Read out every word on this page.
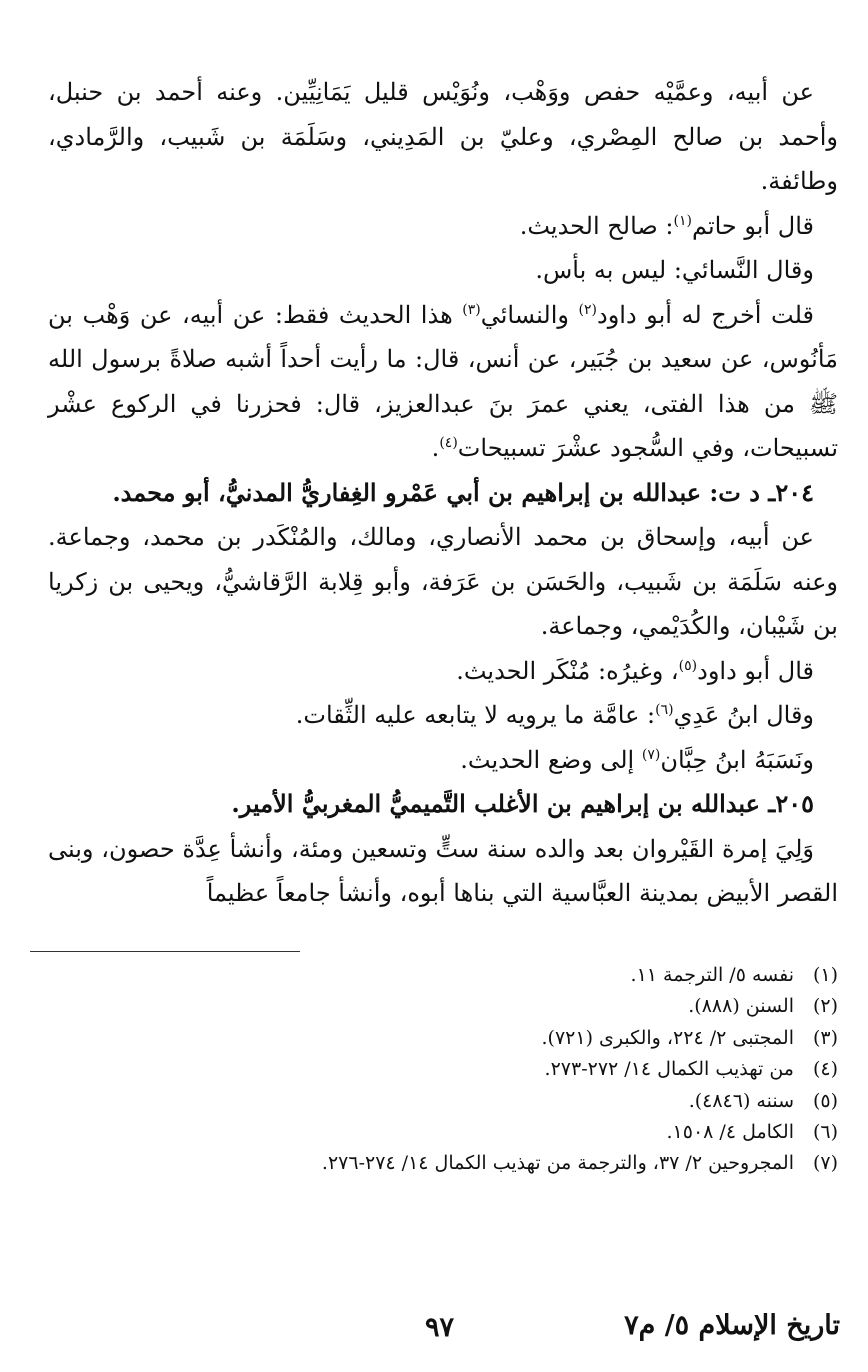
عن أبيه، وعمَّيْه حفص ووَهْب، ونُوَيْس قليل يَمَانِيِّين. وعنه أحمد بن حنبل، وأحمد بن صالح المِصْري، وعليّ بن المَدِيني، وسَلَمَة بن شَبيب، والرَّمادي، وطائفة.

قال أبو حاتم$^{(١)}$: صالح الحديث.

وقال النَّسائي: ليس به بأس.

قلت أخرج له أبو داود$^{(٢)}$ والنسائي$^{(٣)}$ هذا الحديث فقط: عن أبيه، عن وَهْب بن مَأنُوس، عن سعيد بن جُبَير، عن أنس، قال: ما رأيت أحداً أشبه صلاةً برسول الله ﷺ من هذا الفتى، يعني عمرَ بنَ عبدالعزيز، قال: فحزرنا في الركوع عشْر تسبيحات، وفي السُّجود عشْرَ تسبيحات$^{(٤)}$.

٢٠٤ـ د ت: عبدالله بن إبراهيم بن أبي عَمْرو الغِفاريُّ المدنيُّ، أبو محمد.

عن أبيه، وإسحاق بن محمد الأنصاري، ومالك، والمُنْكَدر بن محمد، وجماعة. وعنه سَلَمَة بن شَبيب، والحَسَن بن عَرَفة، وأبو قِلابة الرَّقاشيُّ، ويحيى بن زكريا بن شَيْبان، والكُدَيْمي، وجماعة.

قال أبو داود$^{(٥)}$، وغيرُه: مُنْكَر الحديث.

وقال ابنُ عَدِي$^{(٦)}$: عامَّة ما يرويه لا يتابعه عليه الثِّقات.

ونَسَبَهُ ابنُ حِبَّان$^{(٧)}$ إلى وضع الحديث.

٢٠٥ـ عبدالله بن إبراهيم بن الأغلب التَّميميُّ المغربيُّ الأمير.

وَلِيَ إمرة القَيْروان بعد والده سنة ستٍّ وتسعين ومئة، وأنشأ عِدَّة حصون، وبنى القصر الأبيض بمدينة العبَّاسية التي بناها أبوه، وأنشأ جامعاً عظيماً

(١)نفسه ٥/ الترجمة ١١.
(٢)السنن (٨٨٨).
(٣)المجتبى ٢/ ٢٢٤، والكبرى (٧٢١).
(٤)من تهذيب الكمال ١٤/ ٢٧٢-٢٧٣.
(٥)سننه (٤٨٤٦).
(٦)الكامل ٤/ ١٥٠٨.
(٧)المجروحين ٢/ ٣٧، والترجمة من تهذيب الكمال ١٤/ ٢٧٤-٢٧٦.
تاريخ الإسلام ٥/ م٧
٩٧
